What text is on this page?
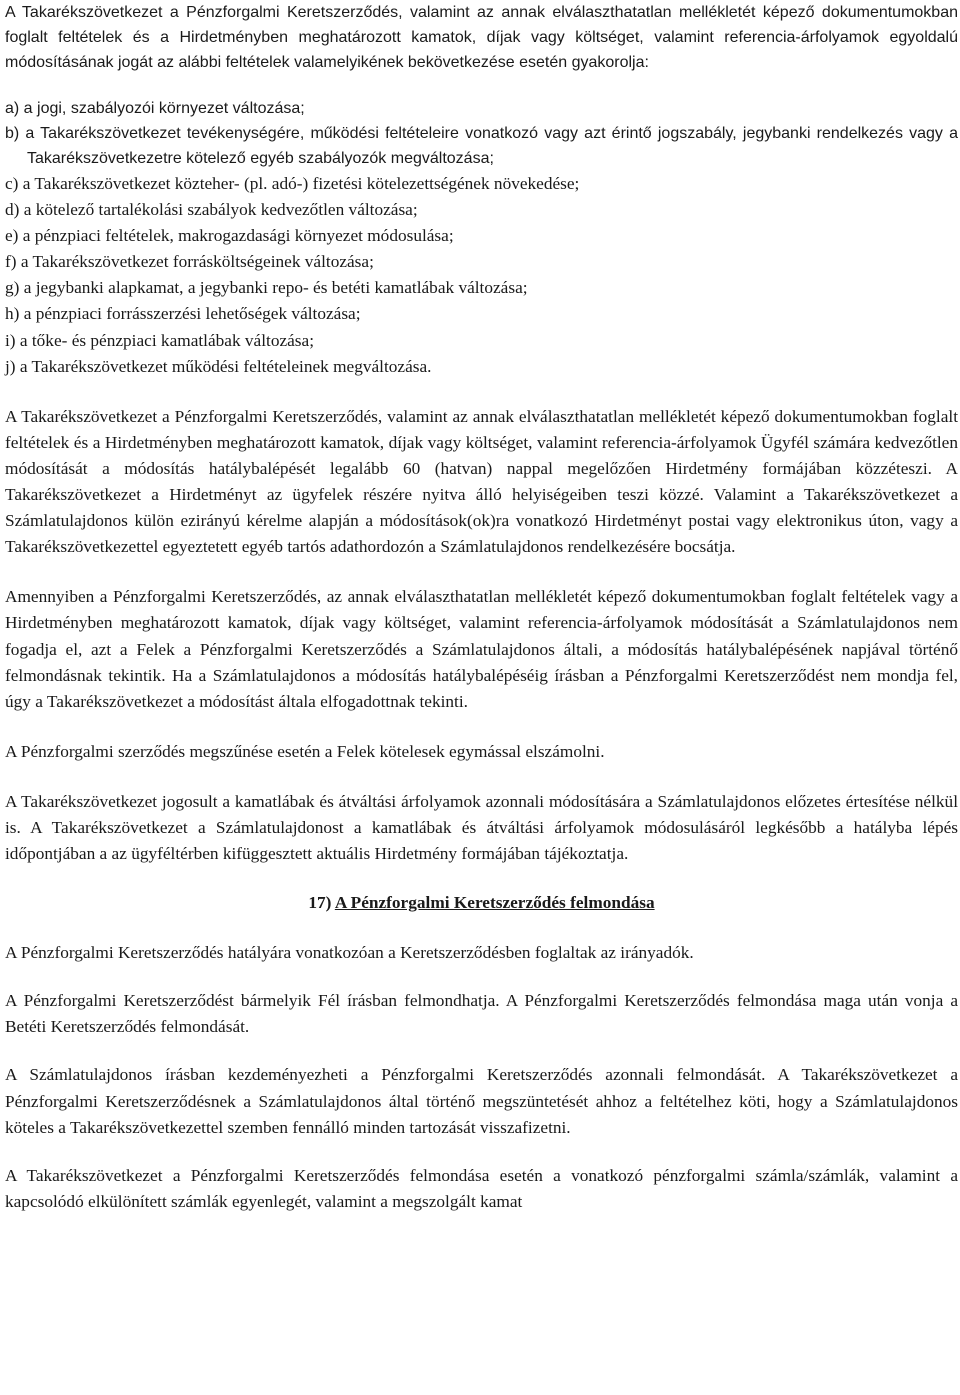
A Takarékszövetkezet a Pénzforgalmi Keretszerződés, valamint az annak elválaszthatatlan mellékletét képező dokumentumokban foglalt feltételek és a Hirdetményben meghatározott kamatok, díjak vagy költséget, valamint referencia-árfolyamok egyoldalú módosításának jogát az alábbi feltételek valamelyikének bekövetkezése esetén gyakorolja:

a) a jogi, szabályozói környezet változása;

b) a Takarékszövetkezet tevékenységére, működési feltételeire vonatkozó vagy azt érintő jogszabály, jegybanki rendelkezés vagy a Takarékszövetkezetre kötelező egyéb szabályozók megváltozása;

c) a Takarékszövetkezet közteher- (pl. adó-) fizetési kötelezettségének növekedése;

d) a kötelező tartalékolási szabályok kedvezőtlen változása;

e) a pénzpiaci feltételek, makrogazdasági környezet módosulása;

f) a Takarékszövetkezet forrásköltségeinek változása;

g) a jegybanki alapkamat, a jegybanki repo- és betéti kamatlábak változása;

h) a pénzpiaci forrásszerzési lehetőségek változása;

i) a tőke- és pénzpiaci kamatlábak változása;

j) a Takarékszövetkezet működési feltételeinek megváltozása.

A Takarékszövetkezet a Pénzforgalmi Keretszerződés, valamint az annak elválaszthatatlan mellékletét képező dokumentumokban foglalt feltételek és a Hirdetményben meghatározott kamatok, díjak vagy költséget, valamint referencia-árfolyamok Ügyfél számára kedvezőtlen módosítását a módosítás hatálybalépését legalább 60 (hatvan) nappal megelőzően Hirdetmény formájában közzéteszi. A Takarékszövetkezet a Hirdetményt az ügyfelek részére nyitva álló helyiségeiben teszi közzé. Valamint a Takarékszövetkezet a Számlatulajdonos külön ezirányú kérelme alapján a módosítások(ok)ra vonatkozó Hirdetményt postai vagy elektronikus úton, vagy a Takarékszövetkezettel egyeztetett egyéb tartós adathordozón a Számlatulajdonos rendelkezésére bocsátja.

Amennyiben a Pénzforgalmi Keretszerződés, az annak elválaszthatatlan mellékletét képező dokumentumokban foglalt feltételek vagy a Hirdetményben meghatározott kamatok, díjak vagy költséget, valamint referencia-árfolyamok módosítását a Számlatulajdonos nem fogadja el, azt a Felek a Pénzforgalmi Keretszerződés a Számlatulajdonos általi, a módosítás hatálybalépésének napjával történő felmondásnak tekintik. Ha a Számlatulajdonos a módosítás hatálybalépéséig írásban a Pénzforgalmi Keretszerződést nem mondja fel, úgy a Takarékszövetkezet a módosítást általa elfogadottnak tekinti.

A Pénzforgalmi szerződés megszűnése esetén a Felek kötelesek egymással elszámolni.

A Takarékszövetkezet jogosult a kamatlábak és átváltási árfolyamok azonnali módosítására a Számlatulajdonos előzetes értesítése nélkül is. A Takarékszövetkezet a Számlatulajdonost a kamatlábak és átváltási árfolyamok módosulásáról legkésőbb a hatályba lépés időpontjában a az ügyféltérben kifüggesztett aktuális Hirdetmény formájában tájékoztatja.

17) A Pénzforgalmi Keretszerződés felmondása

A Pénzforgalmi Keretszerződés hatályára vonatkozóan a Keretszerződésben foglaltak az irányadók.

A Pénzforgalmi Keretszerződést bármelyik Fél írásban felmondhatja. A Pénzforgalmi Keretszerződés felmondása maga után vonja a Betéti Keretszerződés felmondását.

A Számlatulajdonos írásban kezdeményezheti a Pénzforgalmi Keretszerződés azonnali felmondását. A Takarékszövetkezet a Pénzforgalmi Keretszerződésnek a Számlatulajdonos által történő megszüntetését ahhoz a feltételhez köti, hogy a Számlatulajdonos köteles a Takarékszövetkezettel szemben fennálló minden tartozását visszafizetni.

A Takarékszövetkezet a Pénzforgalmi Keretszerződés felmondása esetén a vonatkozó pénzforgalmi számla/számlák, valamint a kapcsolódó elkülönített számlák egyenlegét, valamint a megszolgált kamat
